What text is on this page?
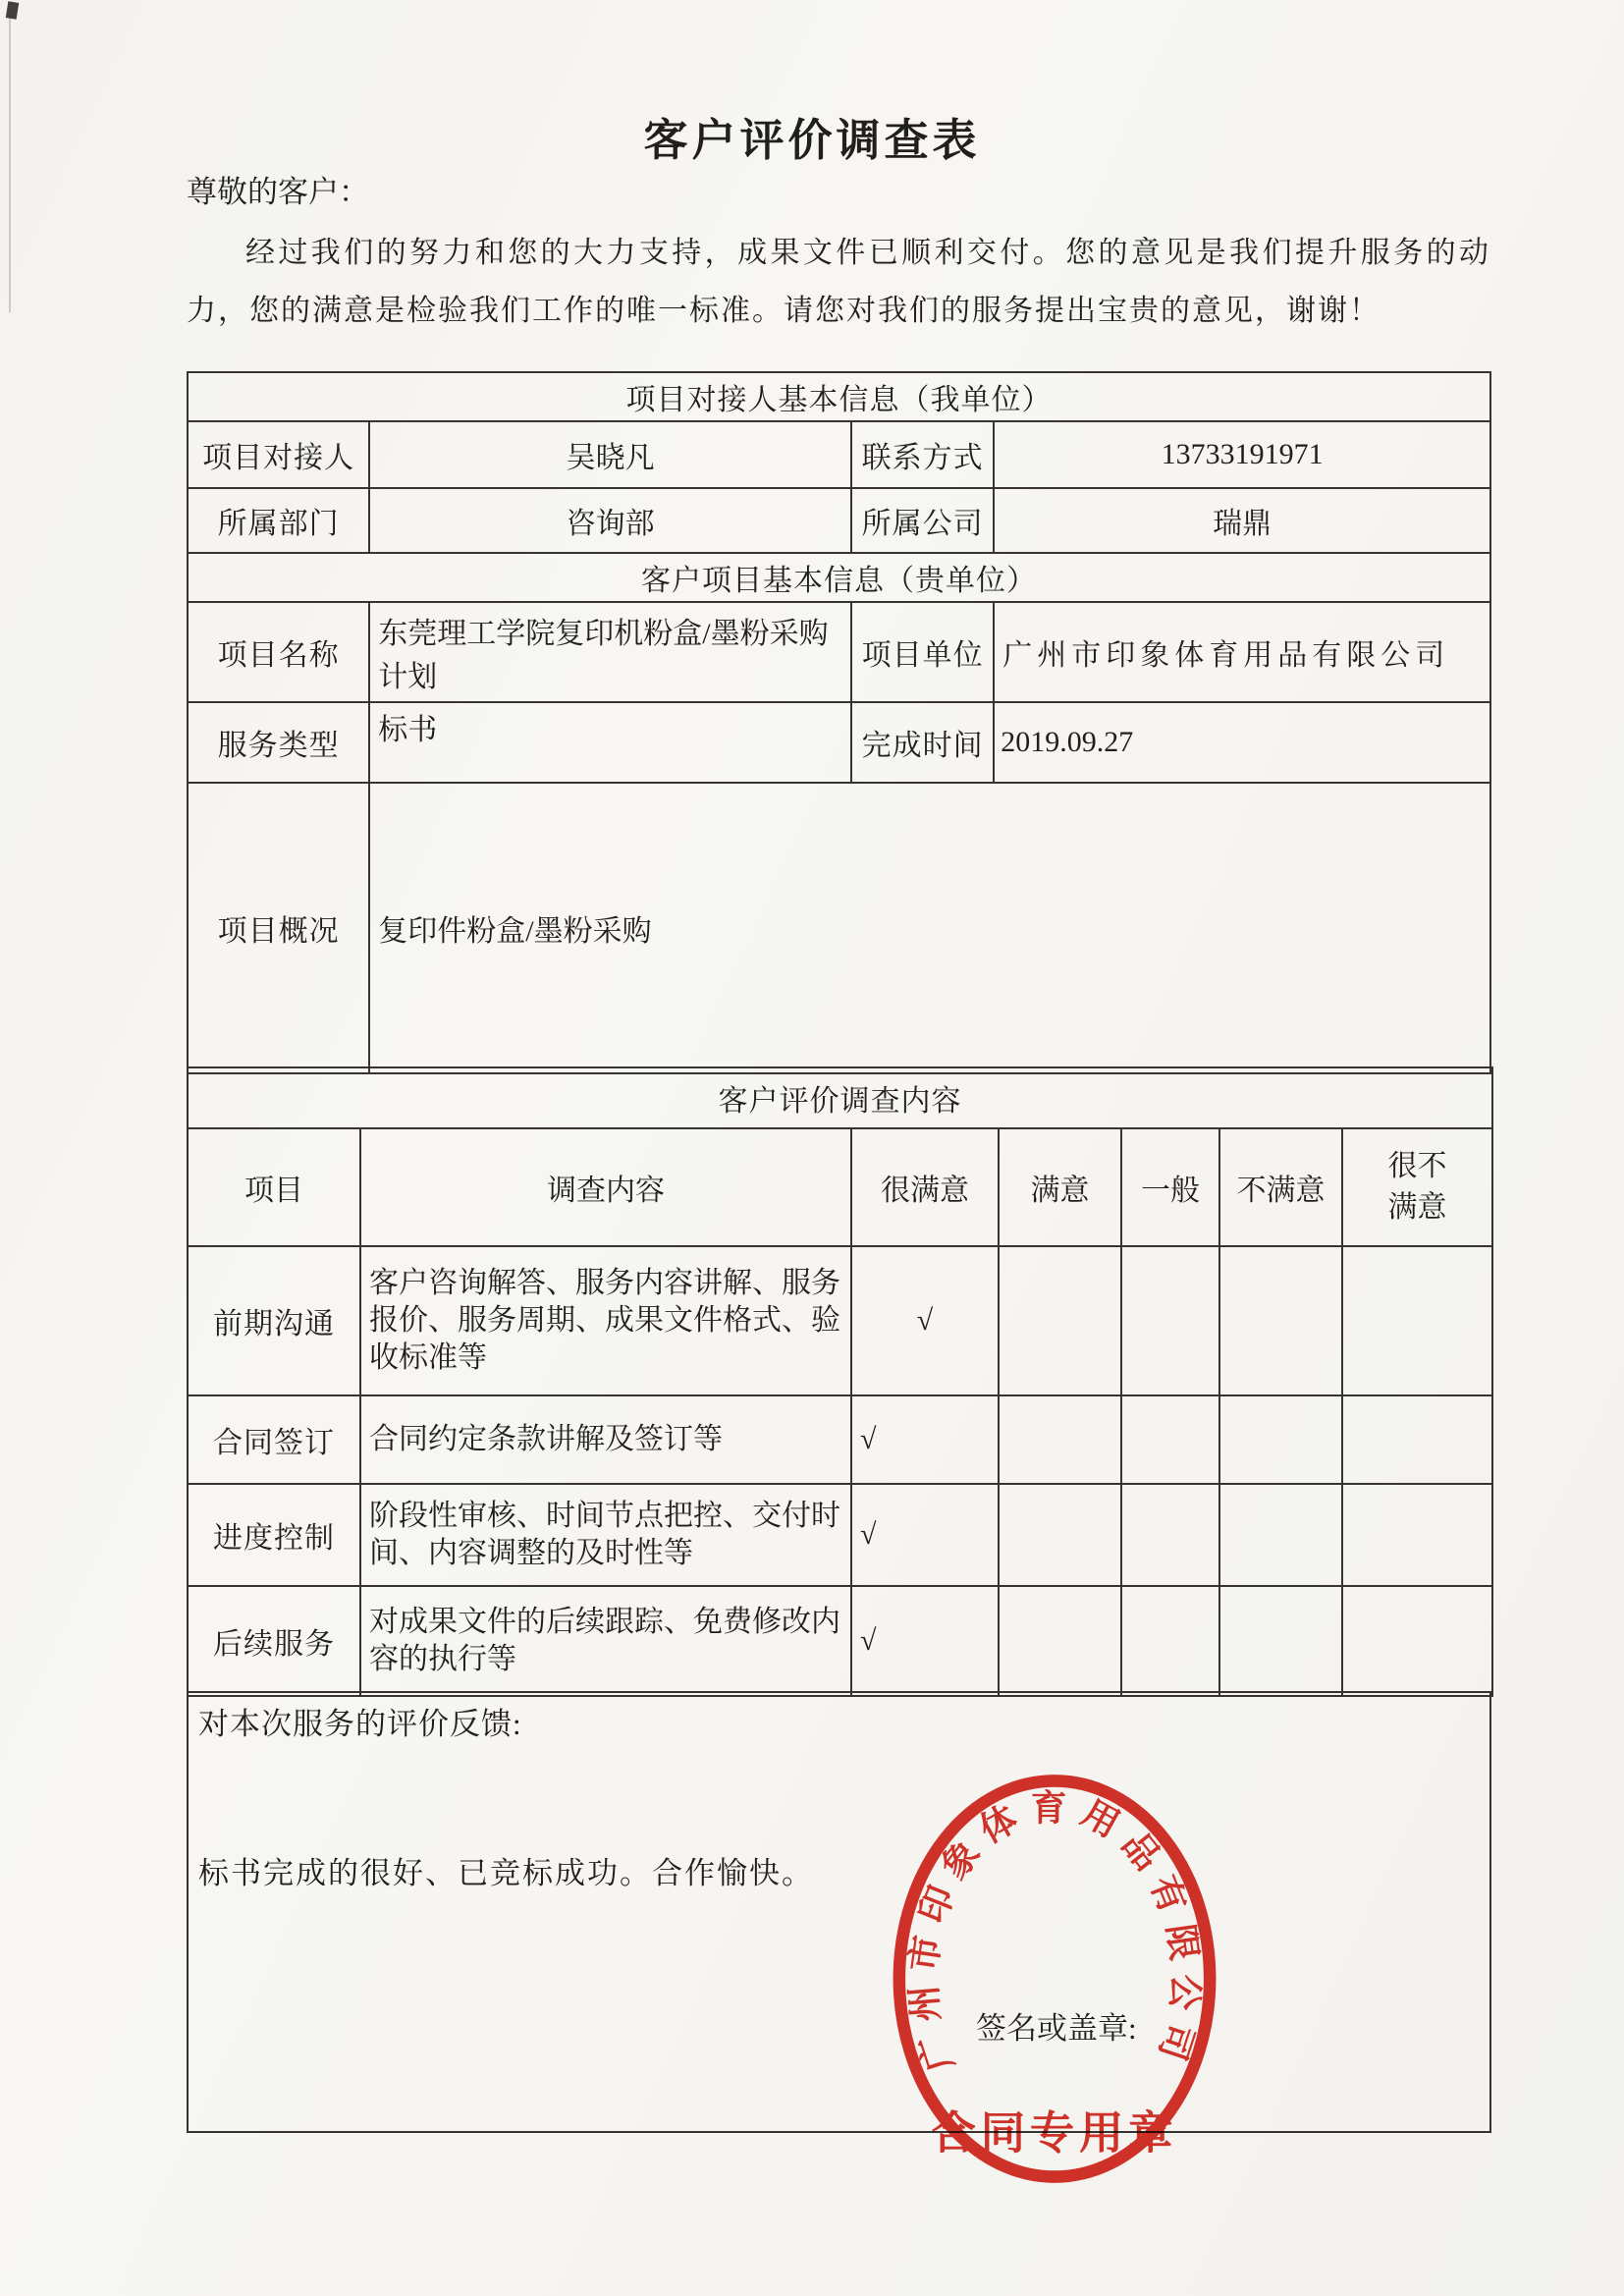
客户评价调查表
尊敬的客户：
经过我们的努力和您的大力支持，成果文件已顺利交付。您的意见是我们提升服务的动力，您的满意是检验我们工作的唯一标准。请您对我们的服务提出宝贵的意见，谢谢！
项目对接人基本信息（我单位）			
项目对接人	吴晓凡	联系方式	13733191971
所属部门	咨询部	所属公司	瑞鼎
客户项目基本信息（贵单位）			
项目名称	东莞理工学院复印机粉盒/墨粉采购计划	项目单位	广州市印象体育用品有限公司
服务类型	标书	完成时间	2019.09.27
项目概况	复印件粉盒/墨粉采购		
客户评价调查内容						
项目	调查内容	很满意	满意	一般	不满意	很不满意
前期沟通	客户咨询解答、服务内容讲解、服务报价、服务周期、成果文件格式、验收标准等	√				
合同签订	合同约定条款讲解及签订等	√				
进度控制	阶段性审核、时间节点把控、交付时间、内容调整的及时性等	√				
后续服务	对成果文件的后续跟踪、免费修改内容的执行等	√				
对本次服务的评价反馈:
标书完成的很好、已竞标成功。合作愉快。
签名或盖章:
广州市印象体育用品有限公司
合同专用章
